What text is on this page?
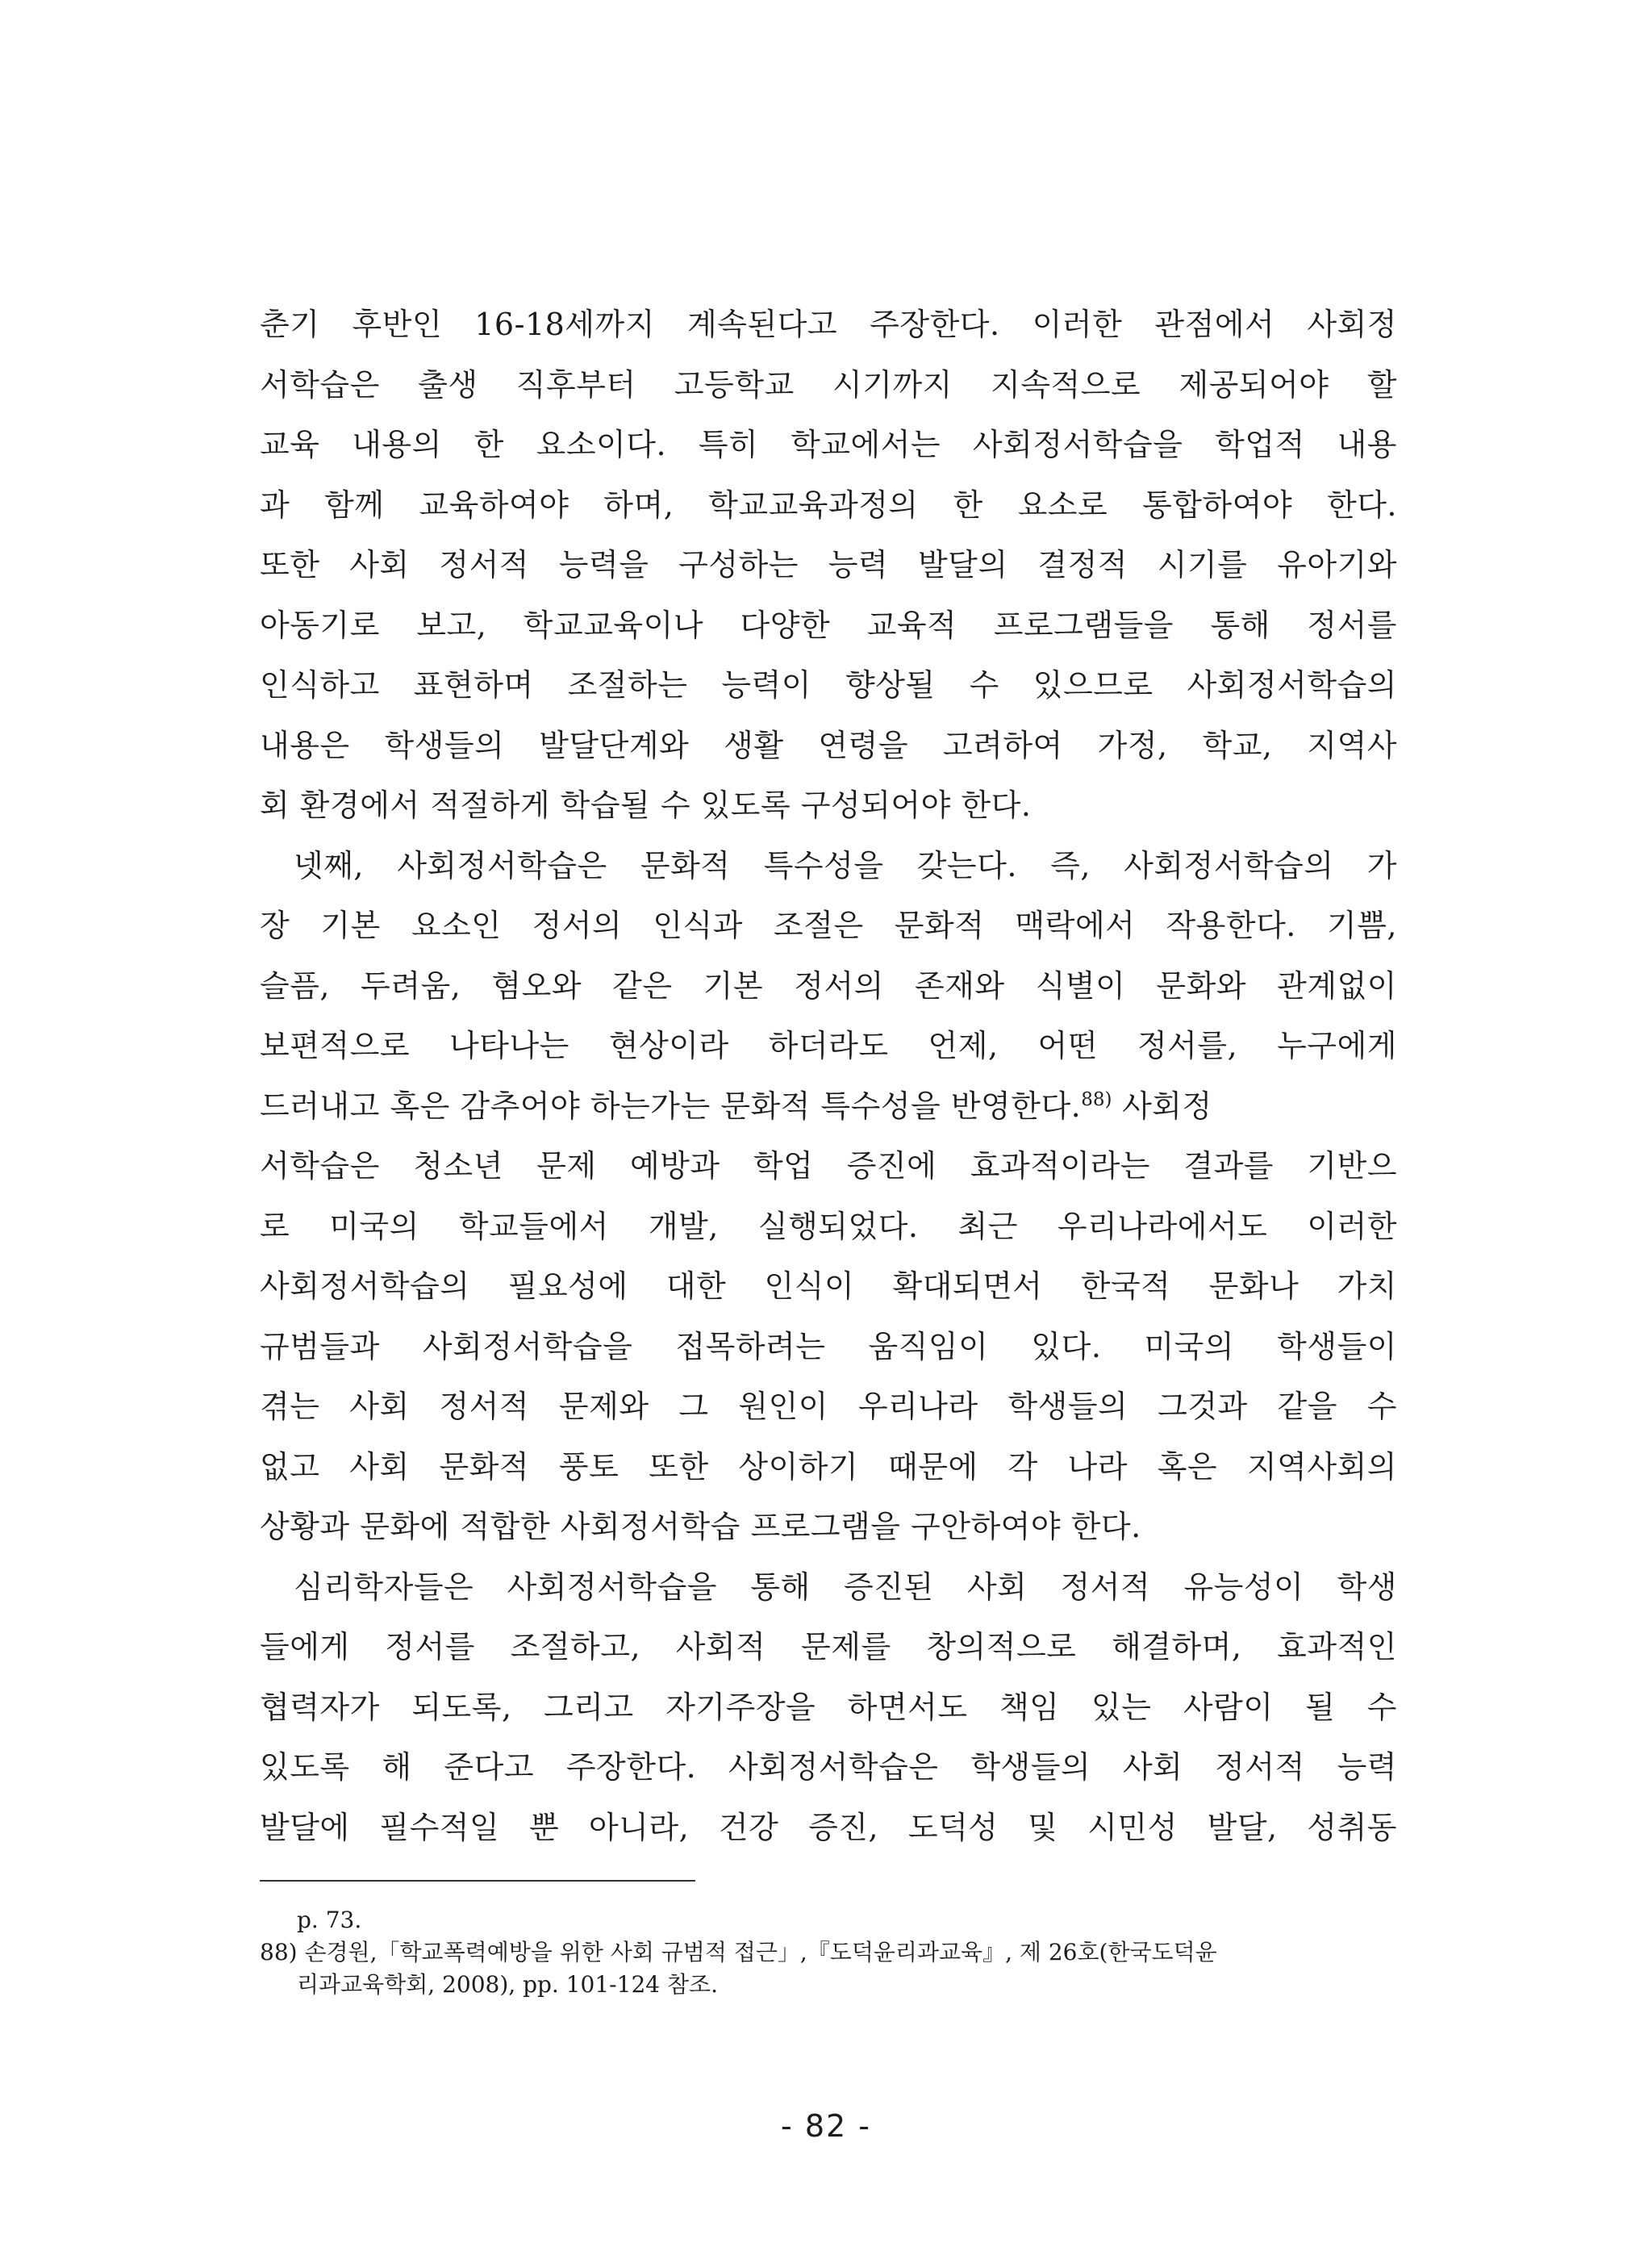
춘기 후반인 16-18세까지 계속된다고 주장한다. 이러한 관점에서 사회정
서학습은 출생 직후부터 고등학교 시기까지 지속적으로 제공되어야 할
교육 내용의 한 요소이다. 특히 학교에서는 사회정서학습을 학업적 내용
과 함께 교육하여야 하며, 학교교육과정의 한 요소로 통합하여야 한다.
또한 사회 정서적 능력을 구성하는 능력 발달의 결정적 시기를 유아기와
아동기로 보고, 학교교육이나 다양한 교육적 프로그램들을 통해 정서를
인식하고 표현하며 조절하는 능력이 향상될 수 있으므로 사회정서학습의
내용은 학생들의 발달단계와 생활 연령을 고려하여 가정, 학교, 지역사
회 환경에서 적절하게 학습될 수 있도록 구성되어야 한다.
넷째, 사회정서학습은 문화적 특수성을 갖는다. 즉, 사회정서학습의 가
장 기본 요소인 정서의 인식과 조절은 문화적 맥락에서 작용한다. 기쁨,
슬픔, 두려움, 혐오와 같은 기본 정서의 존재와 식별이 문화와 관계없이
보편적으로 나타나는 현상이라 하더라도 언제, 어떤 정서를, 누구에게
드러내고 혹은 감추어야 하는가는 문화적 특수성을 반영한다.$^{88)}$ 사회정
서학습은 청소년 문제 예방과 학업 증진에 효과적이라는 결과를 기반으
로 미국의 학교들에서 개발, 실행되었다. 최근 우리나라에서도 이러한
사회정서학습의 필요성에 대한 인식이 확대되면서 한국적 문화나 가치
규범들과 사회정서학습을 접목하려는 움직임이 있다. 미국의 학생들이
겪는 사회 정서적 문제와 그 원인이 우리나라 학생들의 그것과 같을 수
없고 사회 문화적 풍토 또한 상이하기 때문에 각 나라 혹은 지역사회의
상황과 문화에 적합한 사회정서학습 프로그램을 구안하여야 한다.
심리학자들은 사회정서학습을 통해 증진된 사회 정서적 유능성이 학생
들에게 정서를 조절하고, 사회적 문제를 창의적으로 해결하며, 효과적인
협력자가 되도록, 그리고 자기주장을 하면서도 책임 있는 사람이 될 수
있도록 해 준다고 주장한다. 사회정서학습은 학생들의 사회 정서적 능력
발달에 필수적일 뿐 아니라, 건강 증진, 도덕성 및 시민성 발달, 성취동
p. 73.
88) 손경원,「학교폭력예방을 위한 사회 규범적 접근」,『도덕윤리과교육』, 제 26호(한국도덕윤
리과교육학회, 2008), pp. 101-124 참조.
- 82 -
